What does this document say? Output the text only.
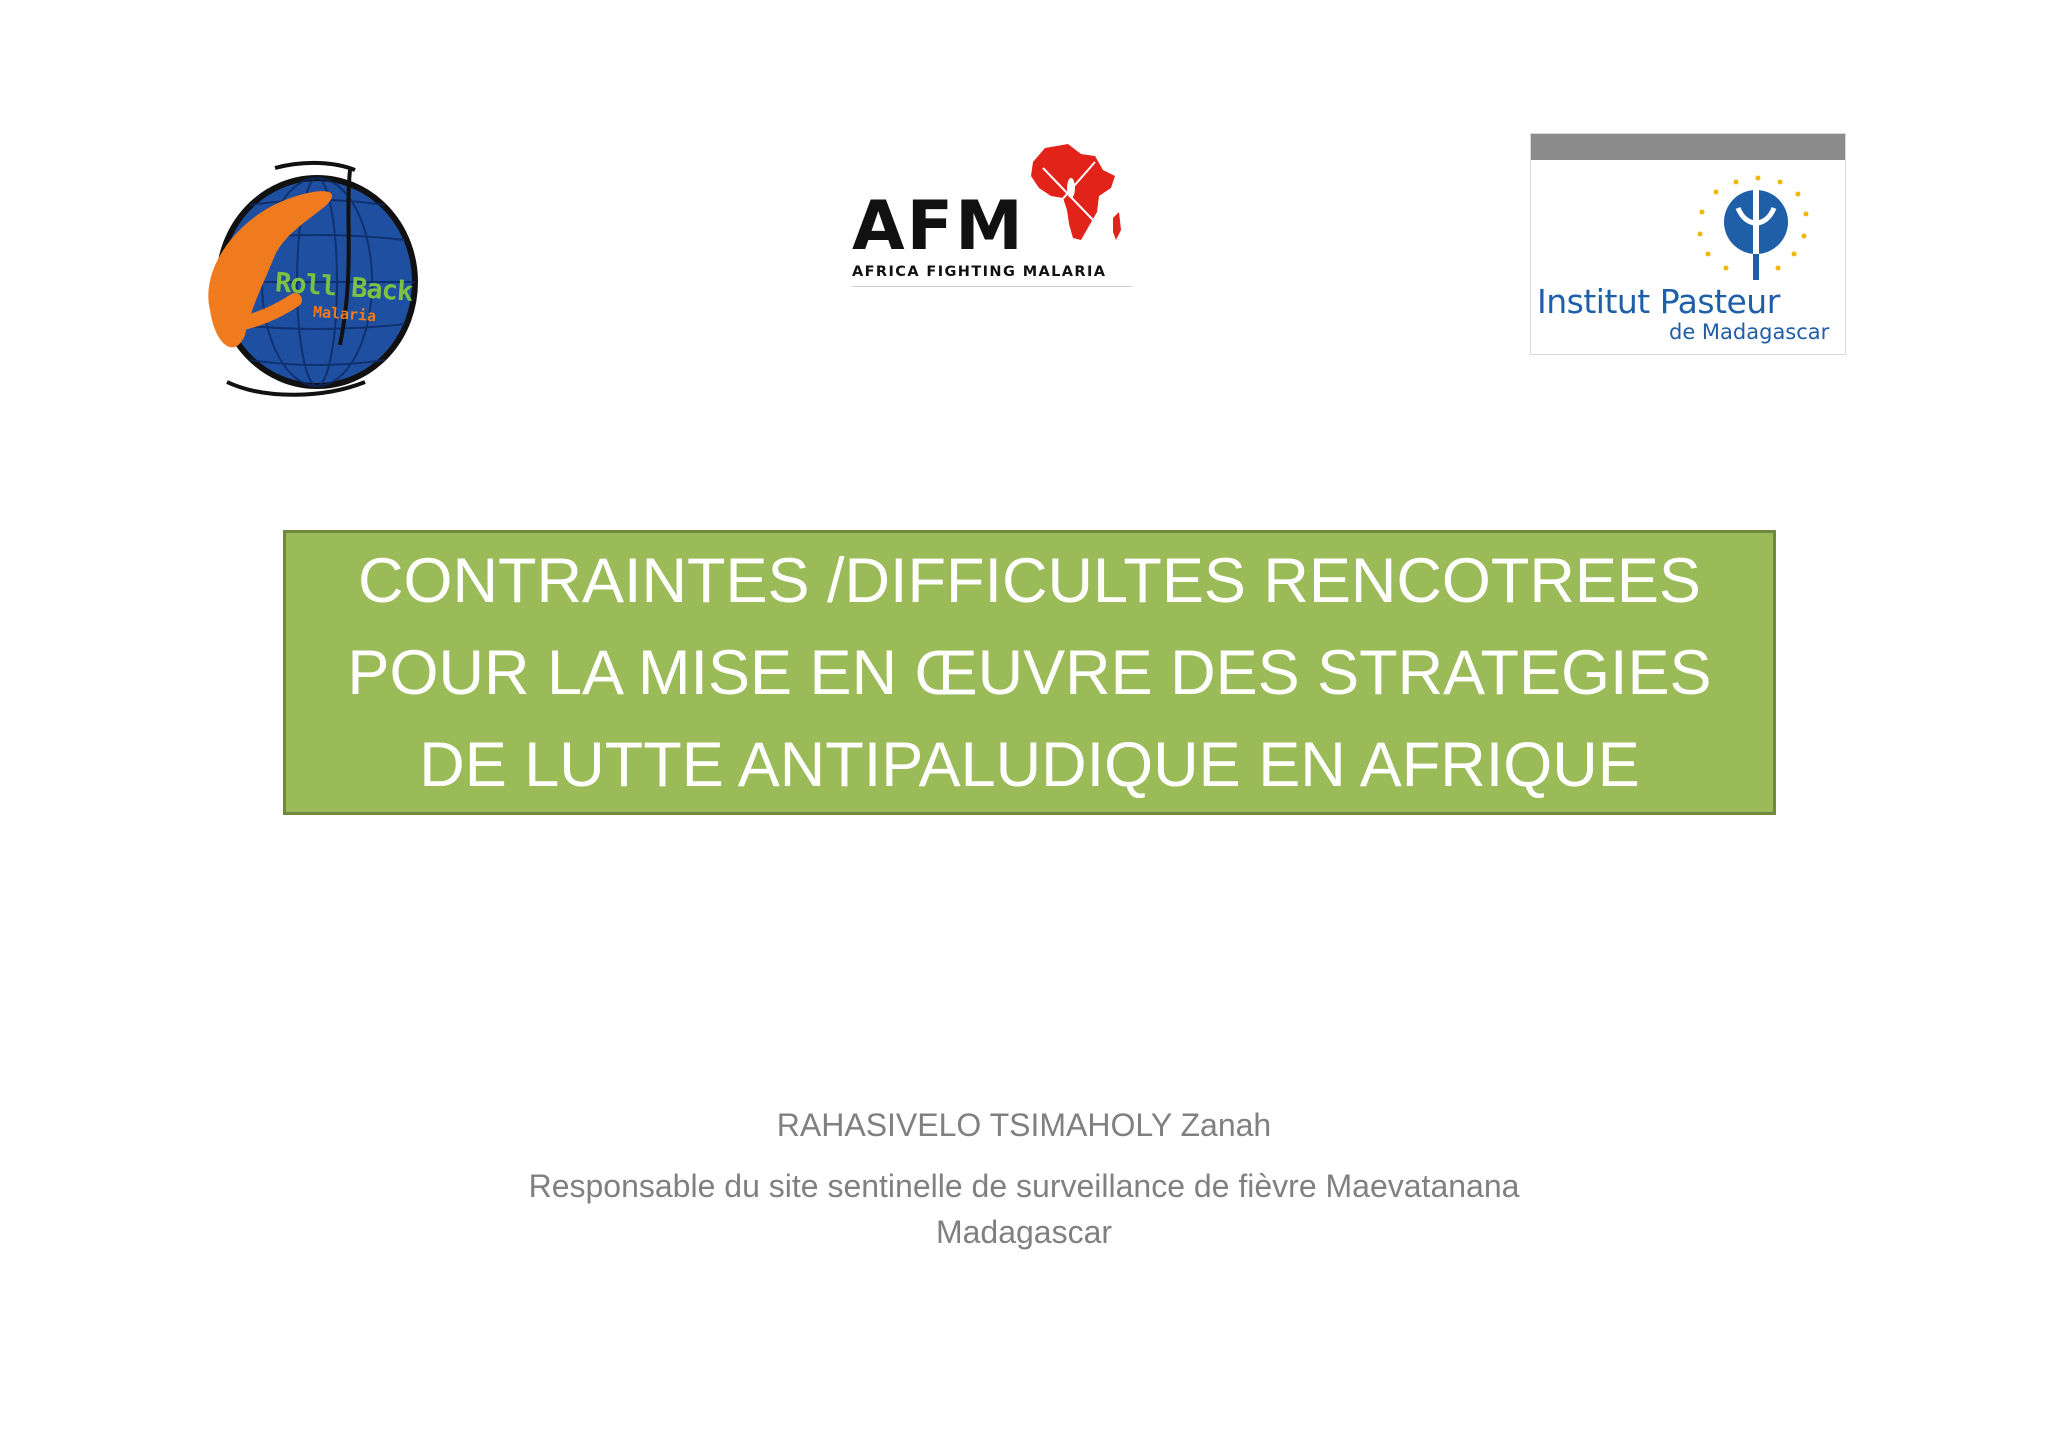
Roll Back
Malaria
AFM
AFRICA FIGHTING MALARIA
Institut Pasteur
de Madagascar
CONTRAINTES /DIFFICULTES RENCOTREES
POUR LA MISE EN ŒUVRE DES STRATEGIES
DE LUTTE ANTIPALUDIQUE EN AFRIQUE
RAHASIVELO TSIMAHOLY Zanah
Responsable du site sentinelle de surveillance de fièvre Maevatanana
Madagascar
